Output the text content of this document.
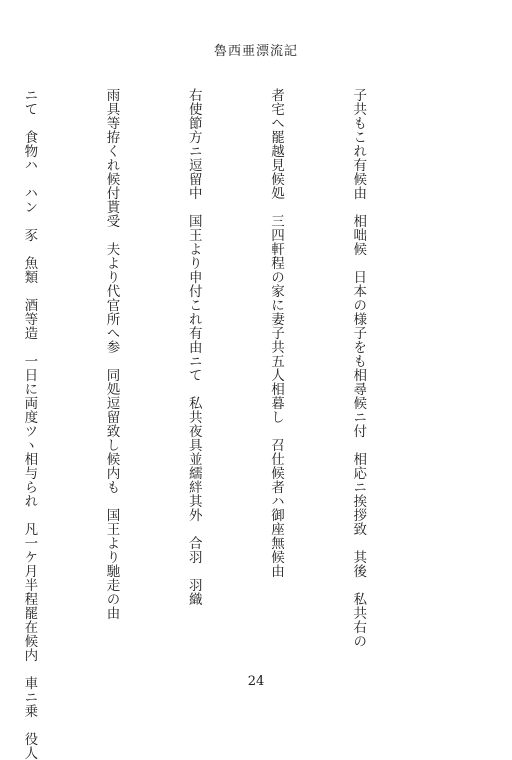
魯西亜漂流記

子共もこれ有候由　相咄候　日本の様子をも相尋候ニ付　相応ニ挨拶致　其後　私共右の

者宅へ罷越見候処　三四軒程の家に妻子共五人相暮し　召仕候者ハ御座無候由

右使節方ニ逗留中　国王より申付これ有由ニて　私共夜具並繻絆其外　合羽　羽織

雨具等拵くれ候付貰受　夫より代官所へ参　同処逗留致し候内も　国王より馳走の由

ニて　食物ハ　ハン　豕　魚類　酒等造　一日に両度ツヽ相与られ　凡一ケ月半程罷在候内　車ニ乗　役人

	24
